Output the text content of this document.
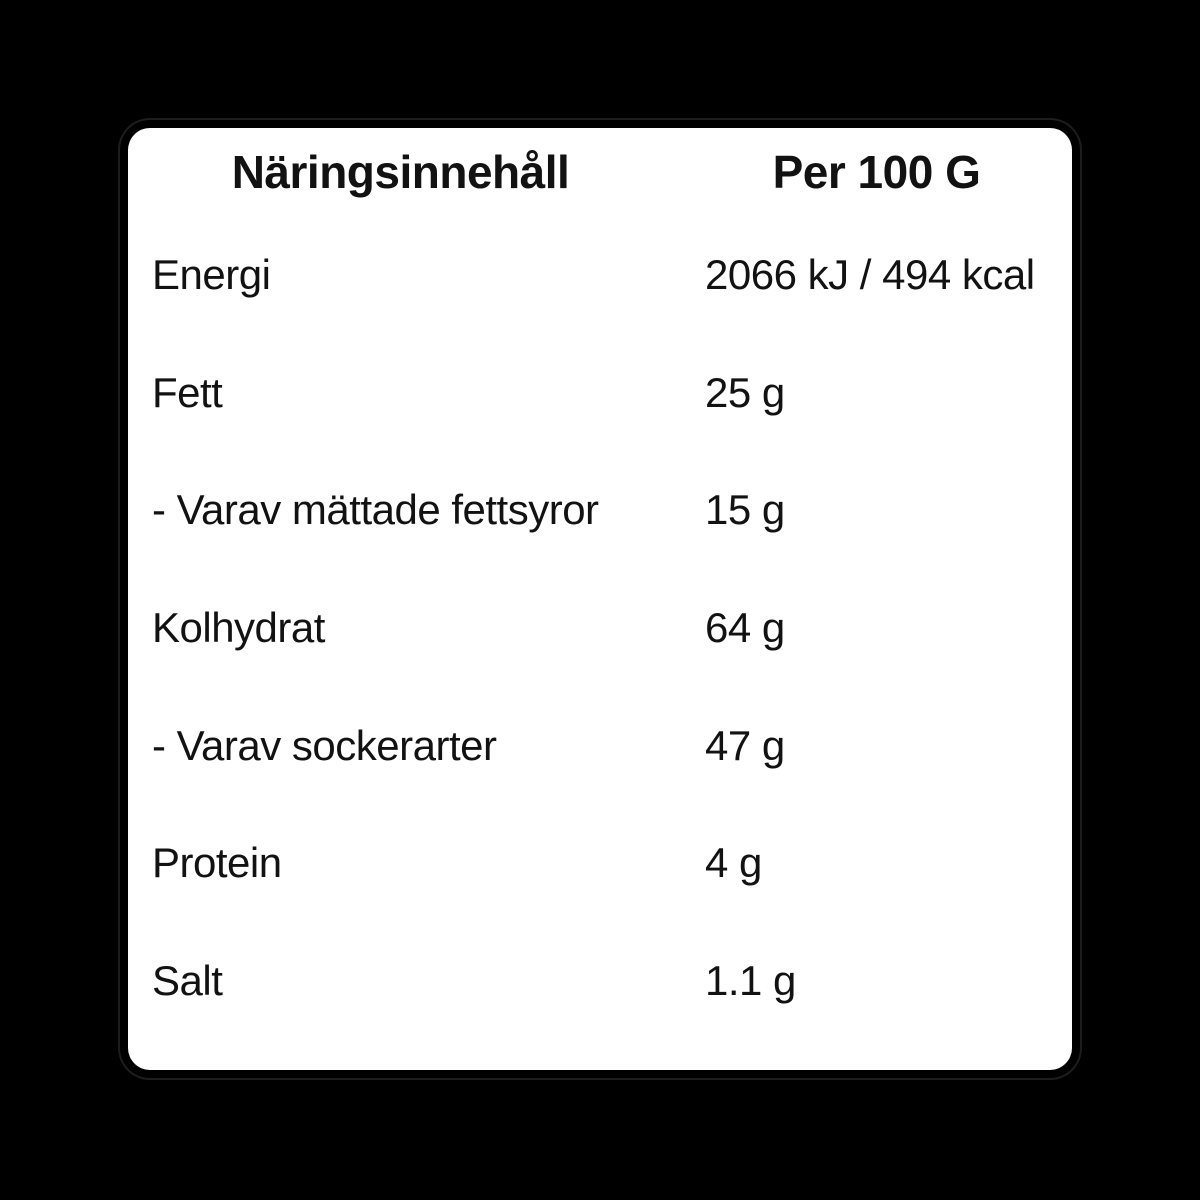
Näringsinnehåll	Per 100 G
Energi	2066 kJ / 494 kcal
Fett	25 g
- Varav mättade fettsyror	15 g
Kolhydrat	64 g
- Varav sockerarter	47 g
Protein	4 g
Salt	1.1 g
